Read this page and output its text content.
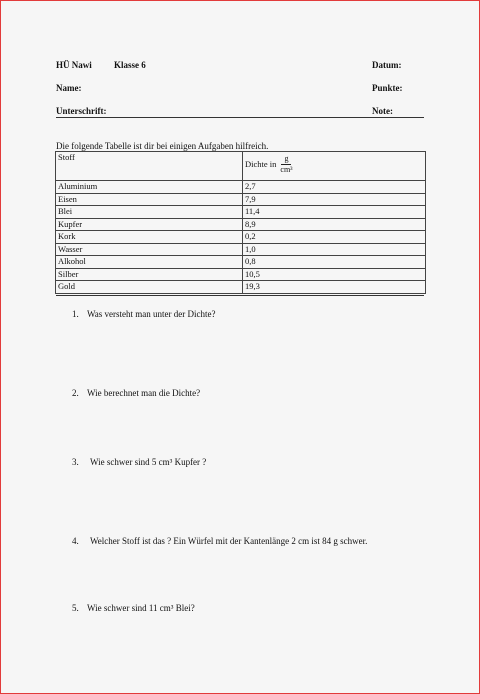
HÜ Nawi Klasse 6	Datum:
Name:	Punkte:
Unterschrift:	Note:
Die folgende Tabelle ist dir bei einigen Aufgaben hilfreich.
Stoff	Dichte in $\frac{g}{\text{cm³}}$

Aluminium	2,7
Eisen	7,9
Blei	11,4
Kupfer	8,9
Kork	0,2
Wasser	1,0
Alkohol	0,8
Silber	10,5
Gold	19,3
1. Was versteht man unter der Dichte?
2. Wie berechnet man die Dichte?
3. Wie schwer sind 5 cm³ Kupfer ?
4. Welcher Stoff ist das ? Ein Würfel mit der Kantenlänge 2 cm ist 84 g schwer.
5. Wie schwer sind 11 cm³ Blei?
